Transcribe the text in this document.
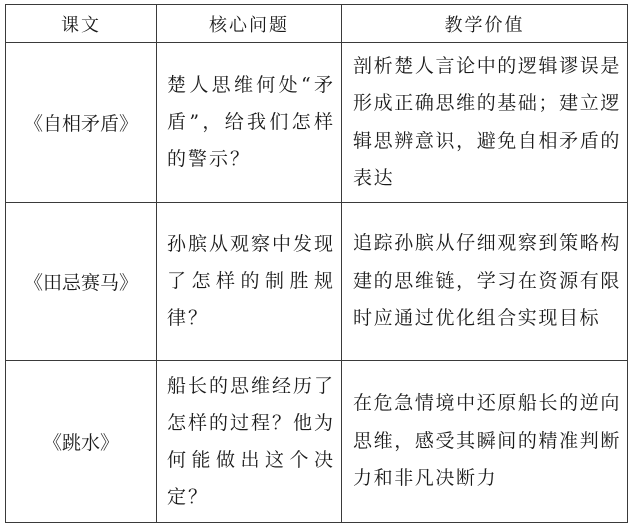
课文	核心问题	教学价值
《自相矛盾》	楚人思维何处“矛盾”，给我们怎样的警示？	剖析楚人言论中的逻辑谬误是形成正确思维的基础；建立逻辑思辨意识，避免自相矛盾的表达
《田忌赛马》	孙膑从观察中发现了怎样的制胜规律？	追踪孙膑从仔细观察到策略构建的思维链，学习在资源有限时应通过优化组合实现目标
《跳水》	船长的思维经历了怎样的过程？他为何能做出这个决定？	在危急情境中还原船长的逆向思维，感受其瞬间的精准判断力和非凡决断力
